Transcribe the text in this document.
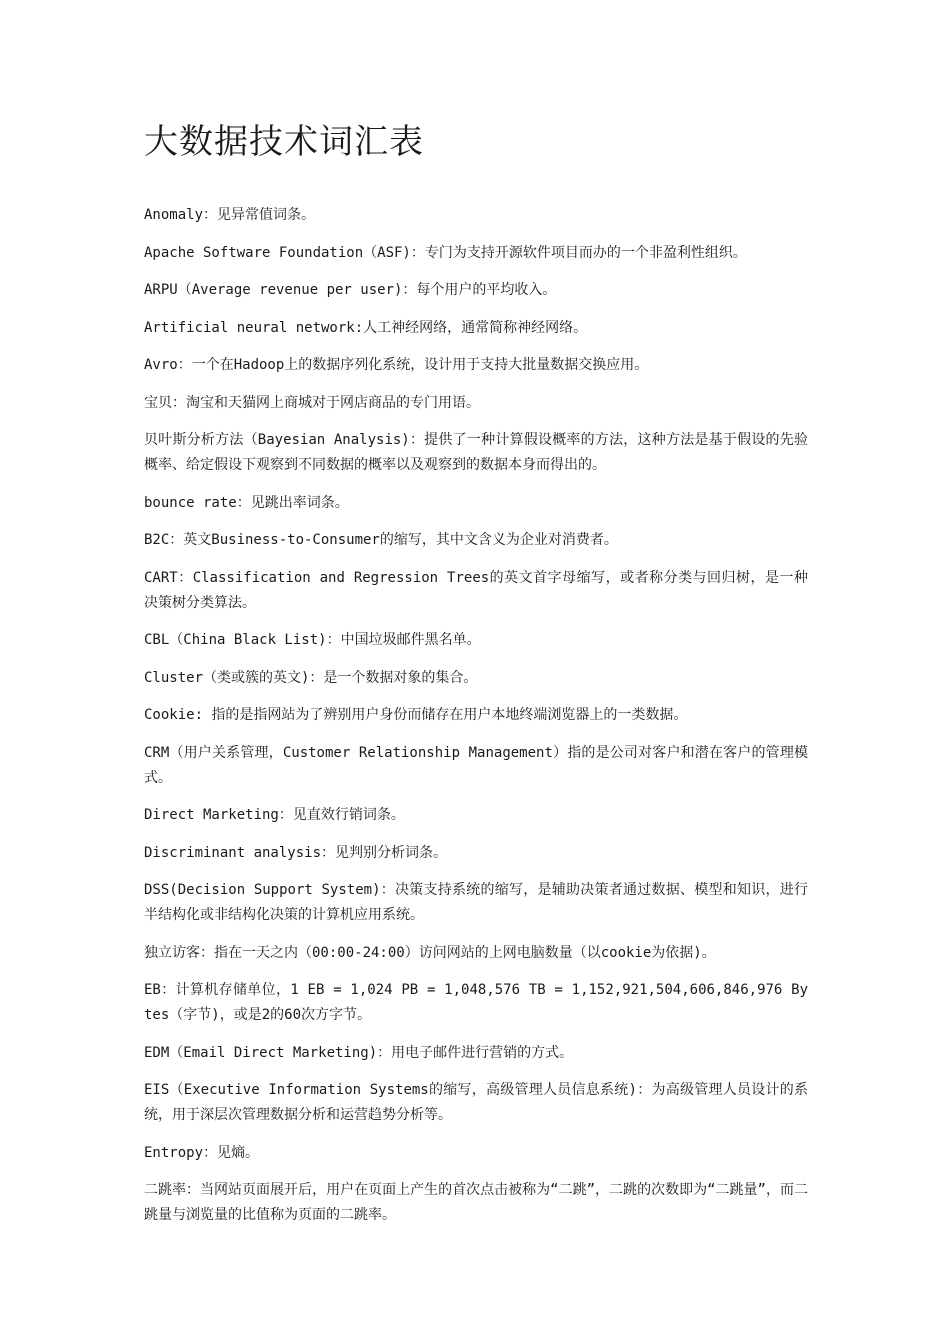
大数据技术词汇表

Anomaly：见异常值词条。

Apache Software Foundation（ASF)：专门为支持开源软件项目而办的一个非盈利性组织。

ARPU（Average revenue per user)：每个用户的平均收入。

Artificial neural network:人工神经网络，通常简称神经网络。

Avro：一个在Hadoop上的数据序列化系统，设计用于支持大批量数据交换应用。

宝贝：淘宝和天猫网上商城对于网店商品的专门用语。

贝叶斯分析方法（Bayesian Analysis)：提供了一种计算假设概率的方法，这种方法是基于假设的先验概率、给定假设下观察到不同数据的概率以及观察到的数据本身而得出的。

bounce rate：见跳出率词条。

B2C：英文Business-to-Consumer的缩写，其中文含义为企业对消费者。

CART：Classification and Regression Trees的英文首字母缩写，或者称分类与回归树，是一种决策树分类算法。

CBL（China Black List)：中国垃圾邮件黑名单。

Cluster（类或簇的英文)：是一个数据对象的集合。

Cookie: 指的是指网站为了辨别用户身份而储存在用户本地终端浏览器上的一类数据。

CRM（用户关系管理，Customer Relationship Management）指的是公司对客户和潜在客户的管理模式。

Direct Marketing：见直效行销词条。

Discriminant analysis：见判别分析词条。

DSS(Decision Support System)：决策支持系统的缩写，是辅助决策者通过数据、模型和知识，进行半结构化或非结构化决策的计算机应用系统。

独立访客：指在一天之内（00:00-24:00）访问网站的上网电脑数量（以cookie为依据)。

EB：计算机存储单位，1 EB = 1,024 PB = 1,048,576 TB = 1,152,921,504,606,846,976 Bytes（字节)，或是2的60次方字节。

EDM（Email Direct Marketing)：用电子邮件进行营销的方式。

EIS（Executive Information Systems的缩写，高级管理人员信息系统)：为高级管理人员设计的系统，用于深层次管理数据分析和运营趋势分析等。

Entropy：见熵。

二跳率：当网站页面展开后，用户在页面上产生的首次点击被称为“二跳”，二跳的次数即为“二跳量”，而二跳量与浏览量的比值称为页面的二跳率。
